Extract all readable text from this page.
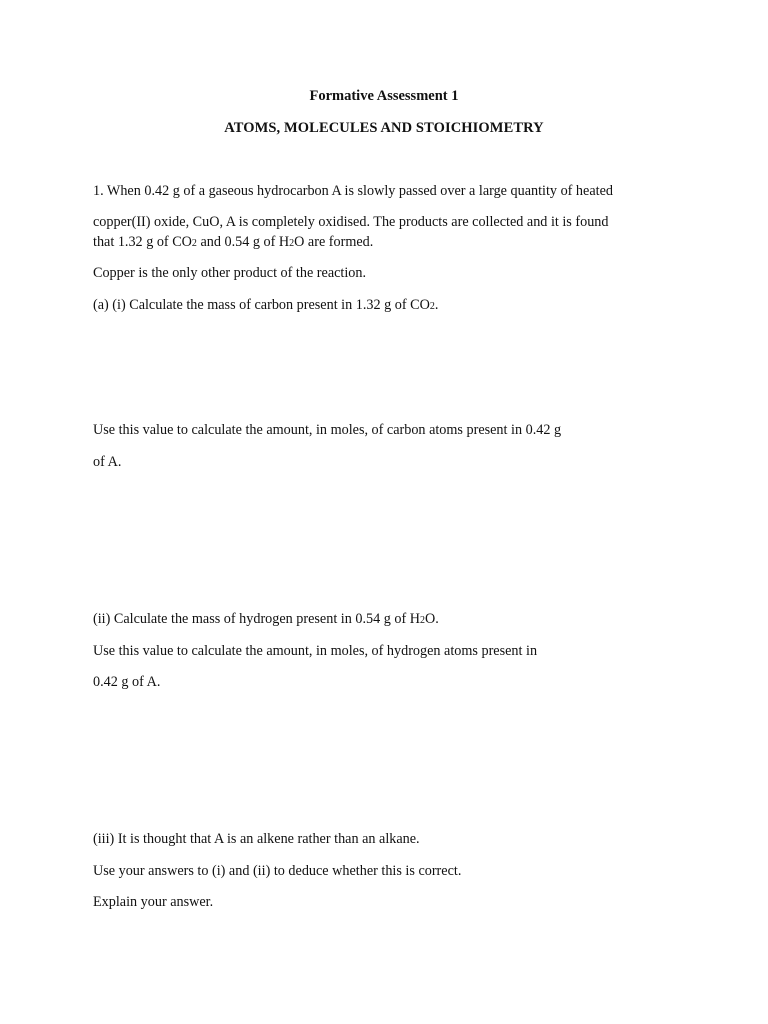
Formative Assessment 1
ATOMS, MOLECULES AND STOICHIOMETRY
1. When 0.42 g of a gaseous hydrocarbon A is slowly passed over a large quantity of heated
copper(II) oxide, CuO, A is completely oxidised. The products are collected and it is found
that 1.32 g of CO2 and 0.54 g of H2O are formed.
Copper is the only other product of the reaction.
(a) (i) Calculate the mass of carbon present in 1.32 g of CO2.
Use this value to calculate the amount, in moles, of carbon atoms present in 0.42 g
of A.
(ii) Calculate the mass of hydrogen present in 0.54 g of H2O.
Use this value to calculate the amount, in moles, of hydrogen atoms present in
0.42 g of A.
(iii) It is thought that A is an alkene rather than an alkane.
Use your answers to (i) and (ii) to deduce whether this is correct.
Explain your answer.
